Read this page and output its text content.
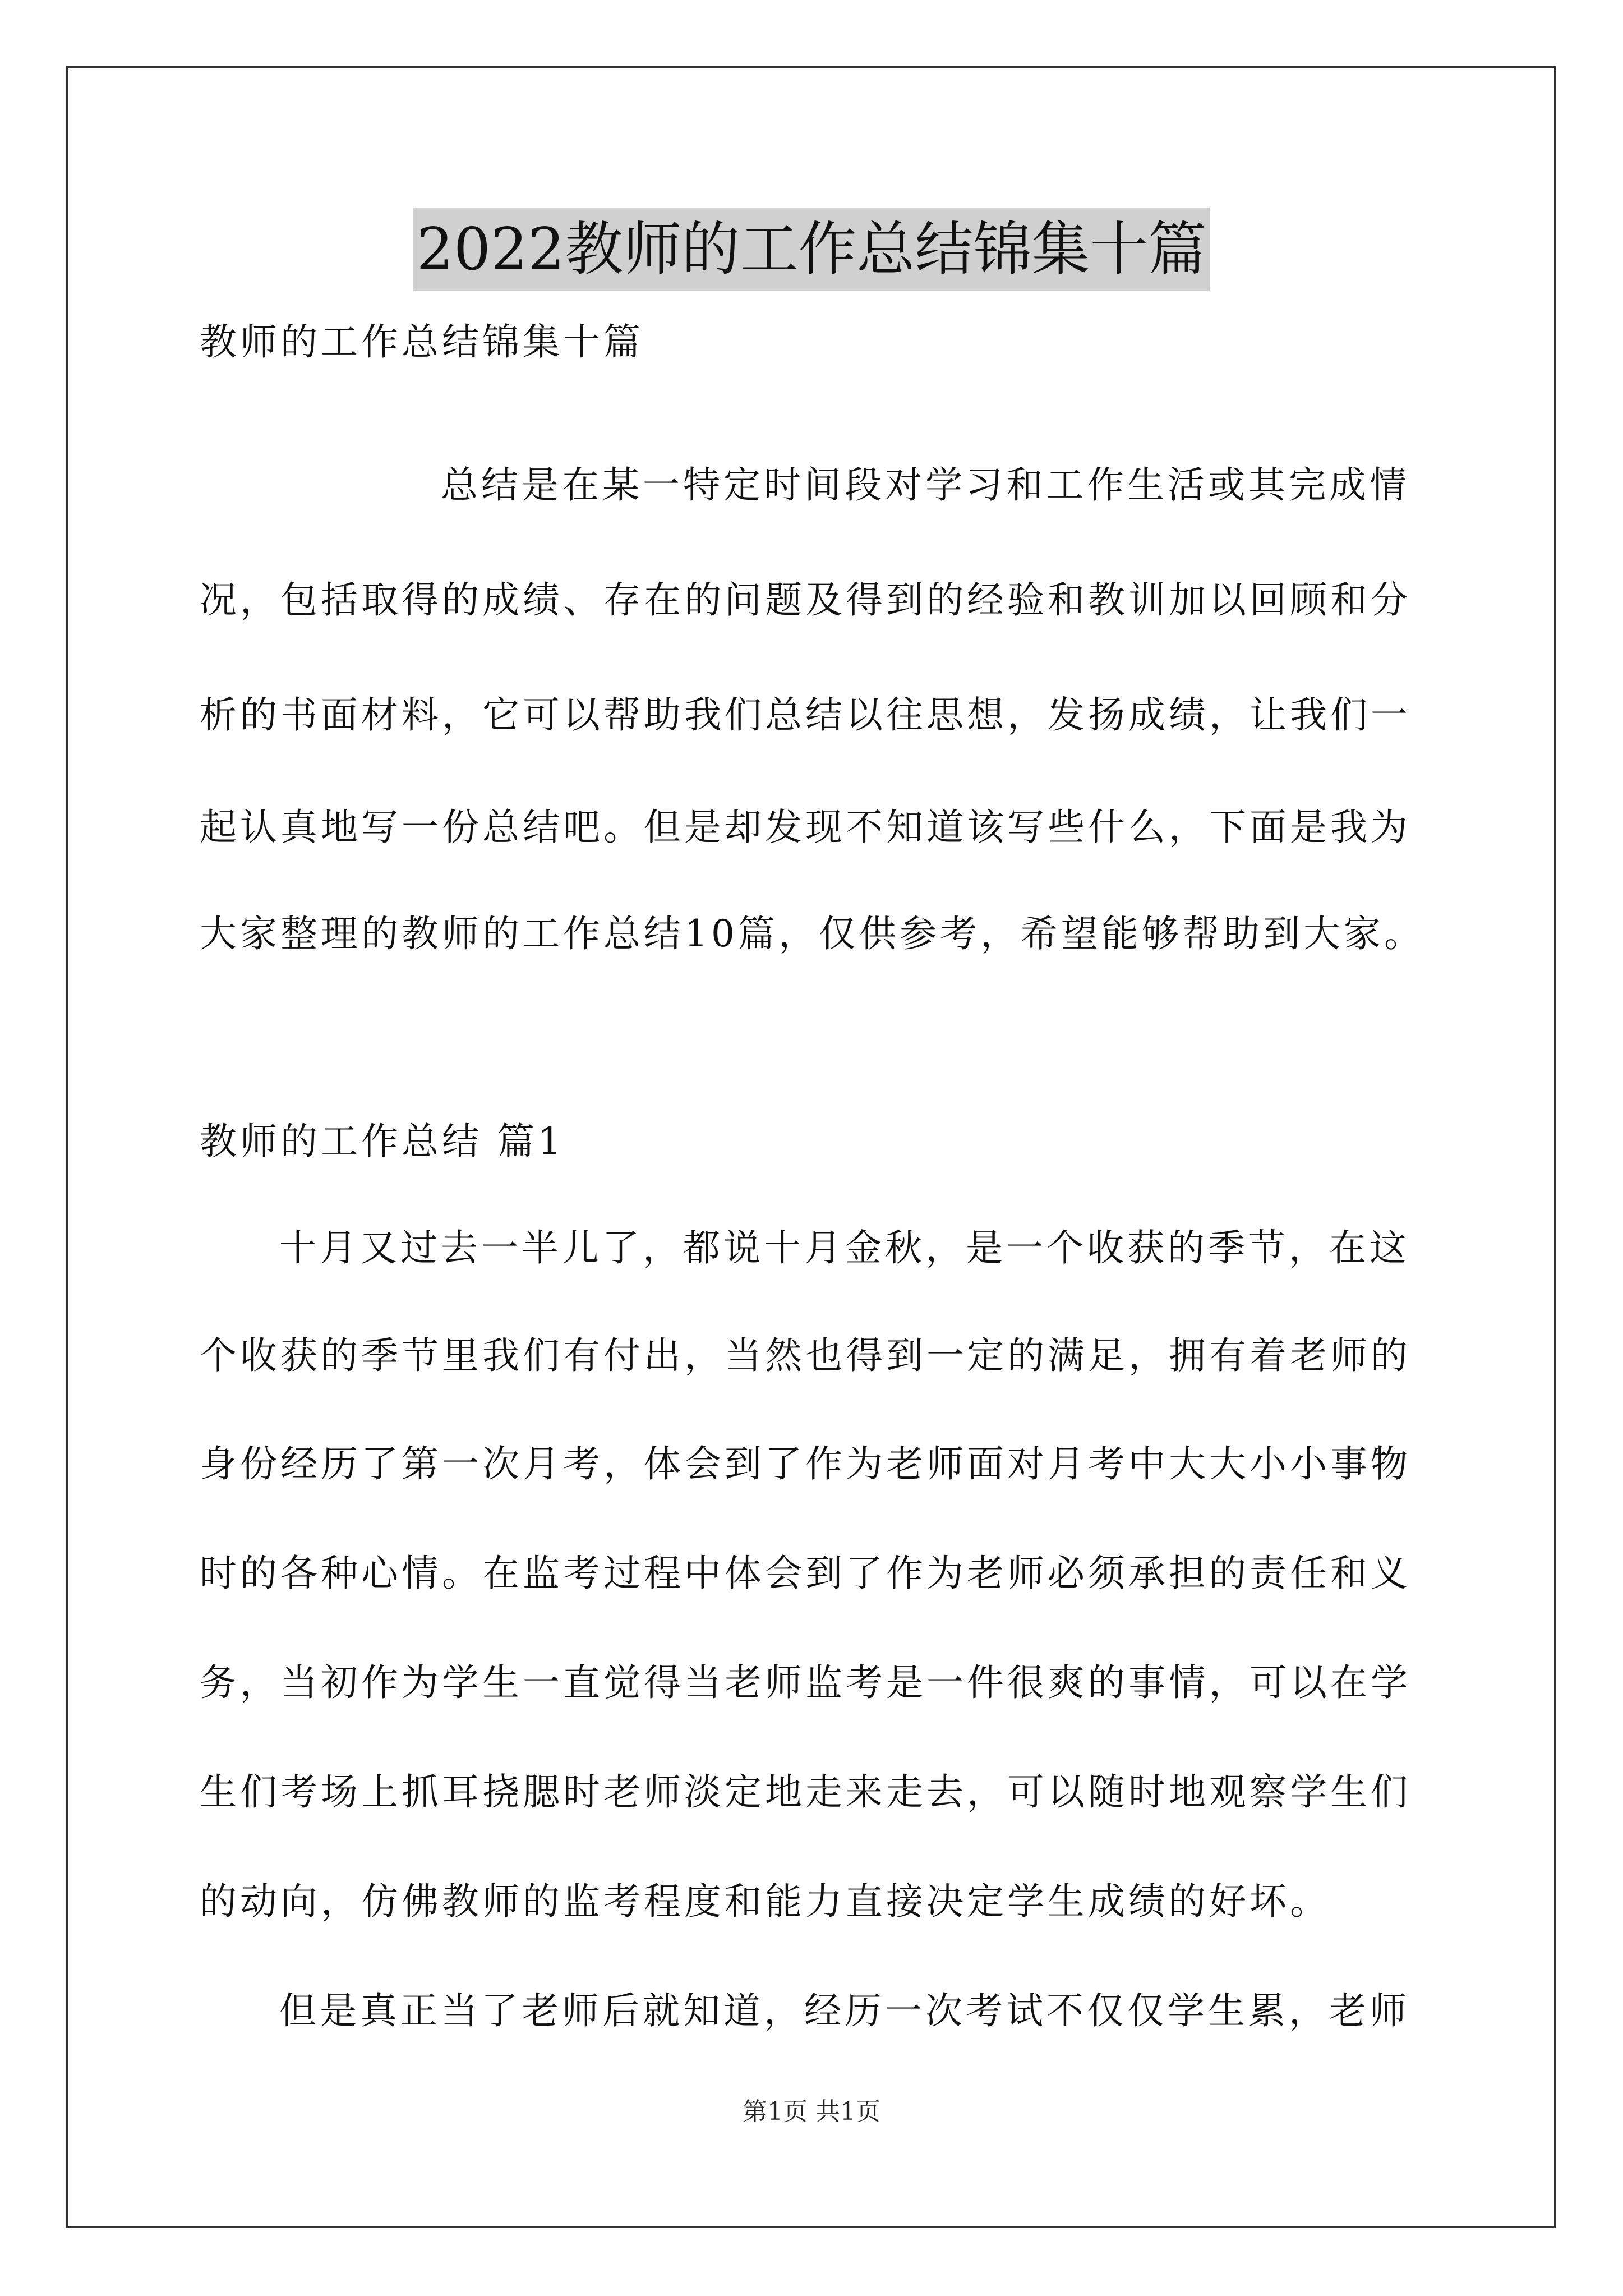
2022教师的工作总结锦集十篇
教师的工作总结锦集十篇
总结是在某一特定时间段对学习和工作生活或其完成情
况，包括取得的成绩、存在的问题及得到的经验和教训加以回顾和分
析的书面材料，它可以帮助我们总结以往思想，发扬成绩，让我们一
起认真地写一份总结吧。但是却发现不知道该写些什么，下面是我为
大家整理的教师的工作总结10篇，仅供参考，希望能够帮助到大家。
教师的工作总结 篇1
十月又过去一半儿了，都说十月金秋，是一个收获的季节，在这
个收获的季节里我们有付出，当然也得到一定的满足，拥有着老师的
身份经历了第一次月考，体会到了作为老师面对月考中大大小小事物
时的各种心情。在监考过程中体会到了作为老师必须承担的责任和义
务，当初作为学生一直觉得当老师监考是一件很爽的事情，可以在学
生们考场上抓耳挠腮时老师淡定地走来走去，可以随时地观察学生们
的动向，仿佛教师的监考程度和能力直接决定学生成绩的好坏。
但是真正当了老师后就知道，经历一次考试不仅仅学生累，老师
第1页 共1页
